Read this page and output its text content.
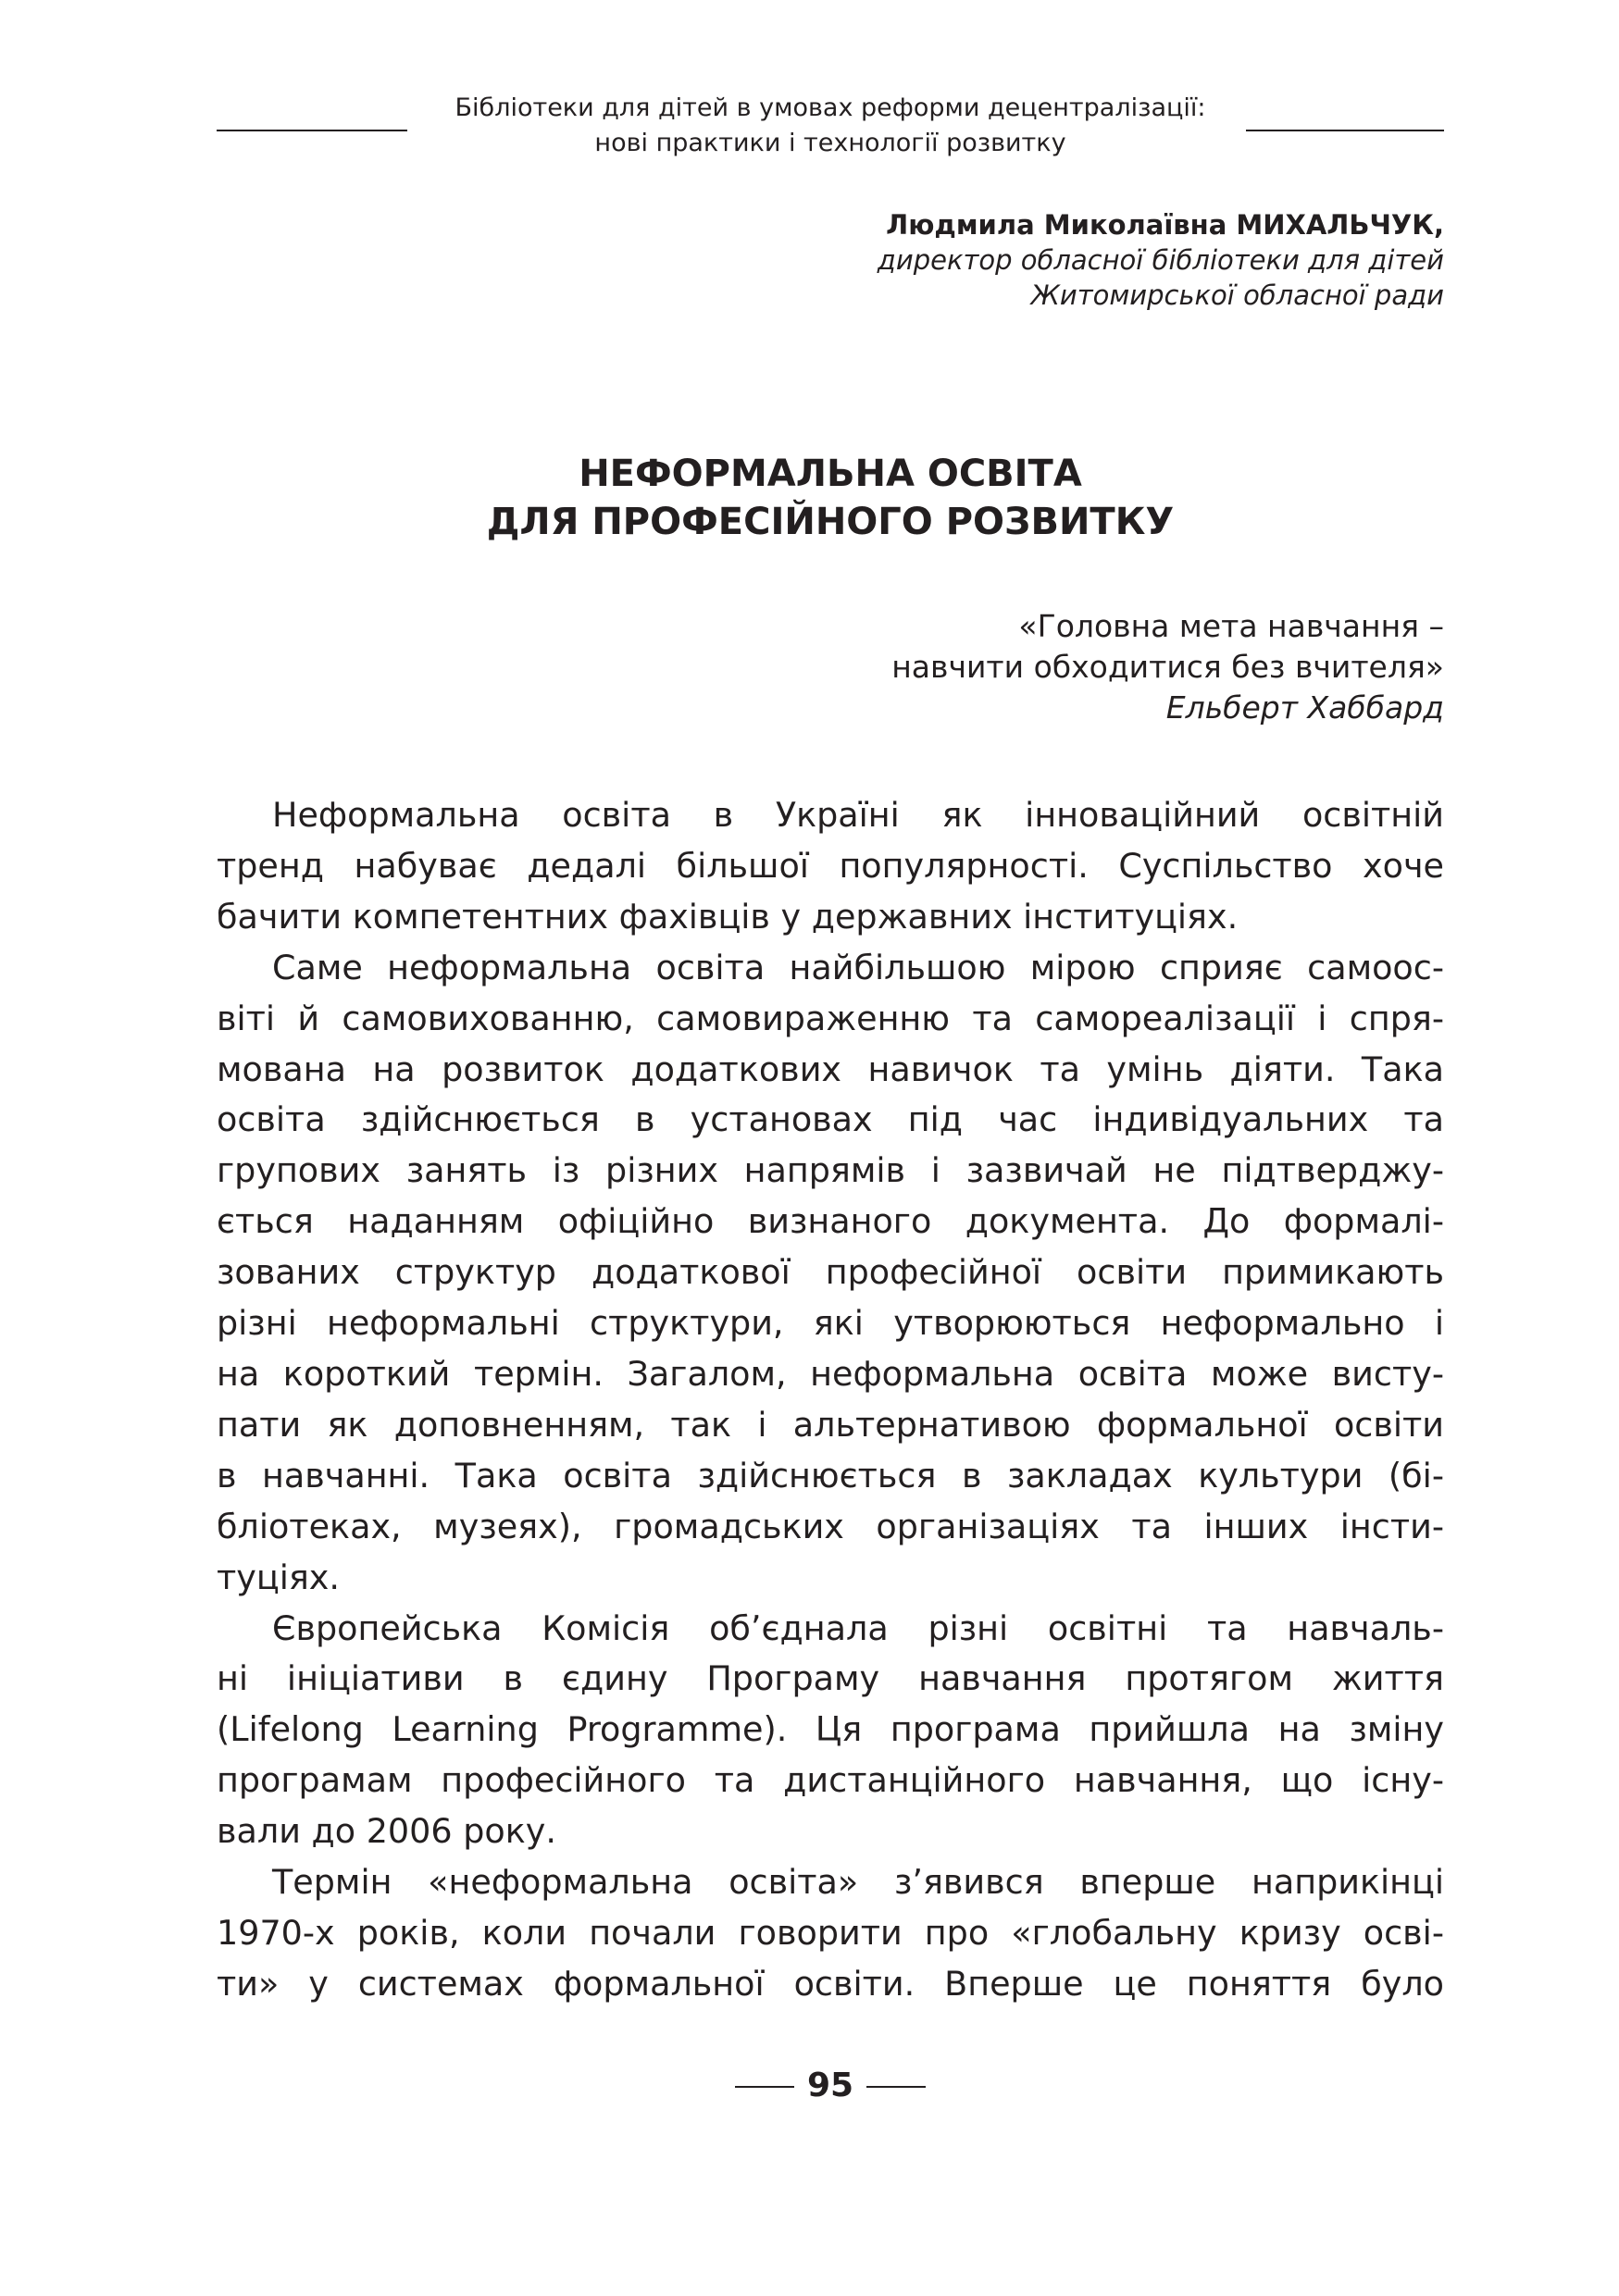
Бібліотеки для дітей в умовах реформи децентралізації:
нові практики і технології розвитку
Людмила Миколаївна МИХАЛЬЧУК,
директор обласної бібліотеки для дітей
Житомирської обласної ради
НЕФОРМАЛЬНА ОСВІТА
ДЛЯ ПРОФЕСІЙНОГО РОЗВИТКУ
«Головна мета навчання –
навчити обходитися без вчителя»
Ельберт Хаббард
Неформальна освіта в Україні як інноваційний освітній
тренд набуває дедалі більшої популярності. Суспільство хоче
бачити компетентних фахівців у державних інституціях.
Саме неформальна освіта найбільшою мірою сприяє самоос-
віті й самовихованню, самовираженню та самореалізації і спря-
мована на розвиток додаткових навичок та умінь діяти. Така
освіта здійснюється в установах під час індивідуальних та
групових занять із різних напрямів і зазвичай не підтверджу-
ється наданням офіційно визнаного документа. До формалі-
зованих структур додаткової професійної освіти примикають
різні неформальні структури, які утворюються неформально і
на короткий термін. Загалом, неформальна освіта може висту-
пати як доповненням, так і альтернативою формальної освіти
в навчанні. Така освіта здійснюється в закладах культури (бі-
бліотеках, музеях), громадських організаціях та інших інсти-
туціях.
Європейська Комісія об’єднала різні освітні та навчаль-
ні ініціативи в єдину Програму навчання протягом життя
(Lifelong Learning Programme). Ця програма прийшла на зміну
програмам професійного та дистанційного навчання, що існу-
вали до 2006 року.
Термін «неформальна освіта» з’явився вперше наприкінці
1970-х років, коли почали говорити про «глобальну кризу осві-
ти» у системах формальної освіти. Вперше це поняття було
95
